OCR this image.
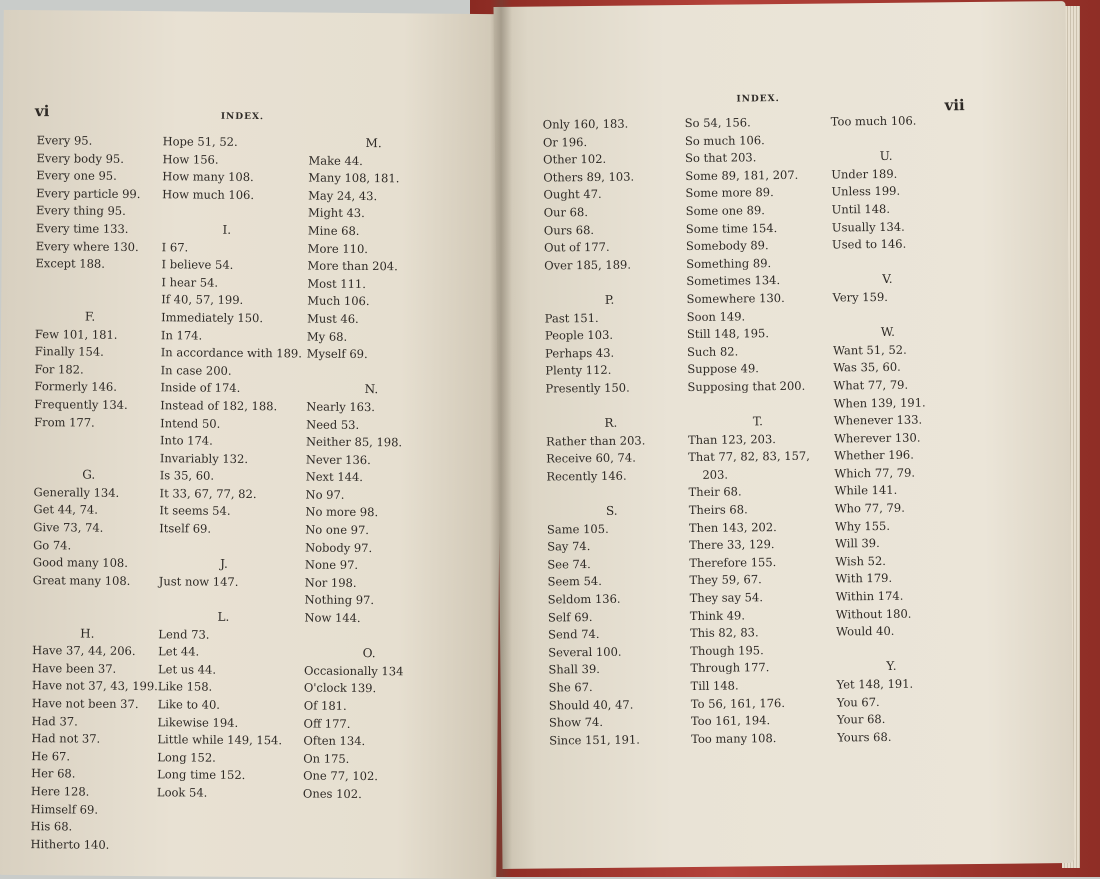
vi	INDEX.
Every 95.
Every body 95.
Every one 95.
Every particle 99.
Every thing 95.
Every time 133.
Every where 130.
Except 188.
F.
Few 101, 181.
Finally 154.
For 182.
Formerly 146.
Frequently 134.
From 177.
G.
Generally 134.
Get 44, 74.
Give 73, 74.
Go 74.
Good many 108.
Great many 108.
H.
Have 37, 44, 206.
Have been 37.
Have not 37, 43, 199.
Have not been 37.
Had 37.
Had not 37.
He 67.
Her 68.
Here 128.
Himself 69.
His 68.
Hitherto 140.
Hope 51, 52.
How 156.
How many 108.
How much 106.
I.
I 67.
I believe 54.
I hear 54.
If 40, 57, 199.
Immediately 150.
In 174.
In accordance with 189.
In case 200.
Inside of 174.
Instead of 182, 188.
Intend 50.
Into 174.
Invariably 132.
Is 35, 60.
It 33, 67, 77, 82.
It seems 54.
Itself 69.
J.
Just now 147.
L.
Lend 73.
Let 44.
Let us 44.
Like 158.
Like to 40.
Likewise 194.
Little while 149, 154.
Long 152.
Long time 152.
Look 54.
M.
Make 44.
Many 108, 181.
May 24, 43.
Might 43.
Mine 68.
More 110.
More than 204.
Most 111.
Much 106.
Must 46.
My 68.
Myself 69.
N.
Nearly 163.
Need 53.
Neither 85, 198.
Never 136.
Next 144.
No 97.
No more 98.
No one 97.
Nobody 97.
None 97.
Nor 198.
Nothing 97.
Now 144.
O.
Occasionally 134
O'clock 139.
Of 181.
Off 177.
Often 134.
On 175.
One 77, 102.
Ones 102.
INDEX.	vii
Only 160, 183.
Or 196.
Other 102.
Others 89, 103.
Ought 47.
Our 68.
Ours 68.
Out of 177.
Over 185, 189.
P.
Past 151.
People 103.
Perhaps 43.
Plenty 112.
Presently 150.
R.
Rather than 203.
Receive 60, 74.
Recently 146.
S.
Same 105.
Say 74.
See 74.
Seem 54.
Seldom 136.
Self 69.
Send 74.
Several 100.
Shall 39.
She 67.
Should 40, 47.
Show 74.
Since 151, 191.
So 54, 156.
So much 106.
So that 203.
Some 89, 181, 207.
Some more 89.
Some one 89.
Some time 154.
Somebody 89.
Something 89.
Sometimes 134.
Somewhere 130.
Soon 149.
Still 148, 195.
Such 82.
Suppose 49.
Supposing that 200.
T.
Than 123, 203.
That 77, 82, 83, 157,
203.
Their 68.
Theirs 68.
Then 143, 202.
There 33, 129.
Therefore 155.
They 59, 67.
They say 54.
Think 49.
This 82, 83.
Though 195.
Through 177.
Till 148.
To 56, 161, 176.
Too 161, 194.
Too many 108.
Too much 106.
U.
Under 189.
Unless 199.
Until 148.
Usually 134.
Used to 146.
V.
Very 159.
W.
Want 51, 52.
Was 35, 60.
What 77, 79.
When 139, 191.
Whenever 133.
Wherever 130.
Whether 196.
Which 77, 79.
While 141.
Who 77, 79.
Why 155.
Will 39.
Wish 52.
With 179.
Within 174.
Without 180.
Would 40.
Y.
Yet 148, 191.
You 67.
Your 68.
Yours 68.
